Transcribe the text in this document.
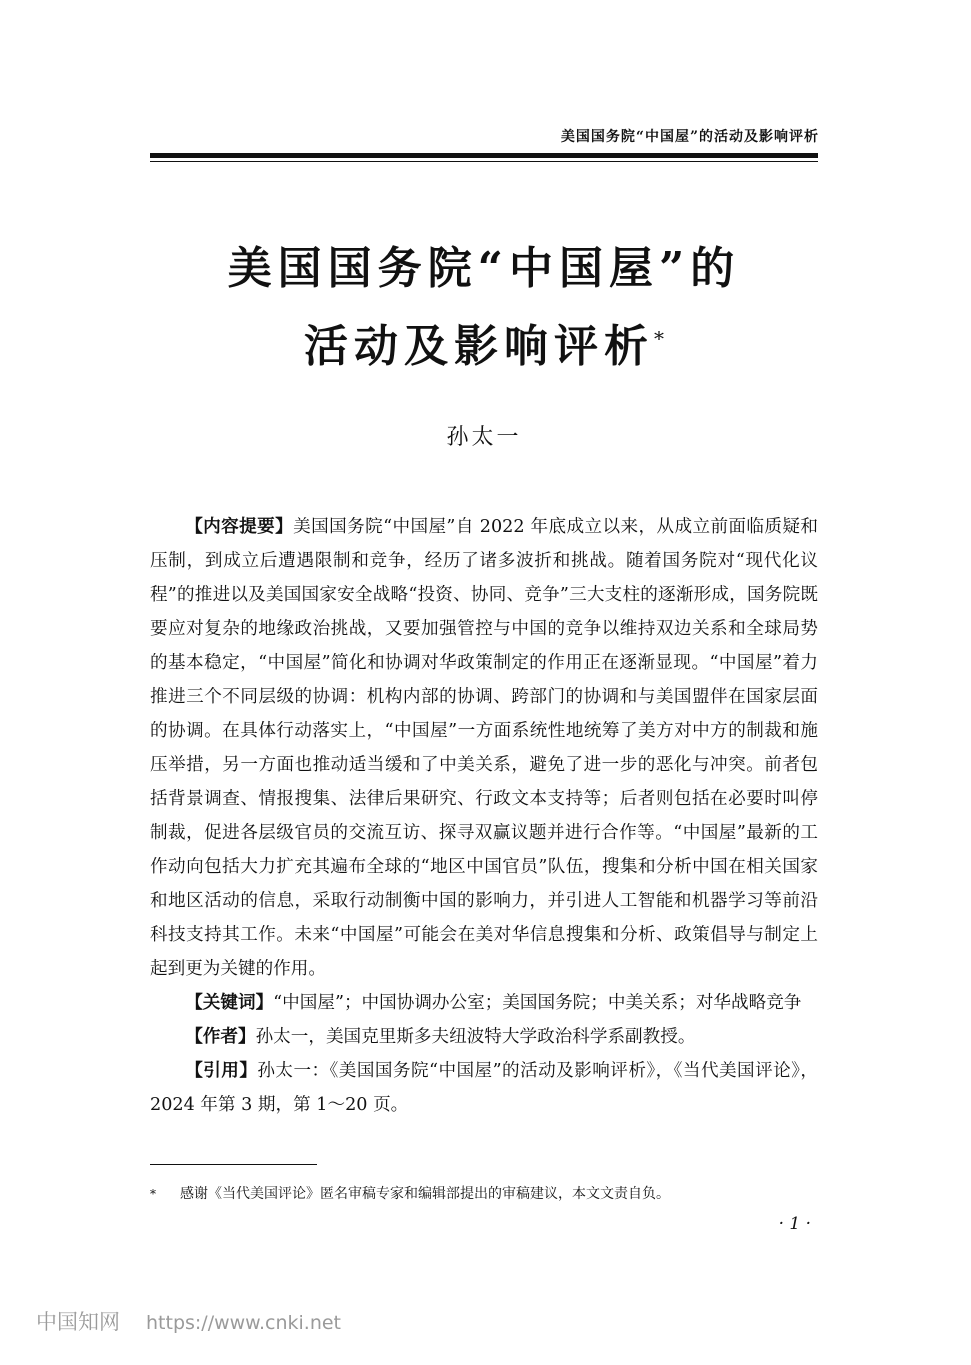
美国国务院“中国屋”的活动及影响评析
美国国务院“中国屋”的
活动及影响评析*
孙太一

【内容提要】美国国务院“中国屋”自 2022 年底成立以来，从成立前面临质疑和压制，到成立后遭遇限制和竞争，经历了诸多波折和挑战。随着国务院对“现代化议程”的推进以及美国国家安全战略“投资、协同、竞争”三大支柱的逐渐形成，国务院既要应对复杂的地缘政治挑战，又要加强管控与中国的竞争以维持双边关系和全球局势的基本稳定，“中国屋”简化和协调对华政策制定的作用正在逐渐显现。“中国屋”着力推进三个不同层级的协调：机构内部的协调、跨部门的协调和与美国盟伴在国家层面的协调。在具体行动落实上，“中国屋”一方面系统性地统筹了美方对中方的制裁和施压举措，另一方面也推动适当缓和了中美关系，避免了进一步的恶化与冲突。前者包括背景调查、情报搜集、法律后果研究、行政文本支持等；后者则包括在必要时叫停制裁，促进各层级官员的交流互访、探寻双赢议题并进行合作等。“中国屋”最新的工作动向包括大力扩充其遍布全球的“地区中国官员”队伍，搜集和分析中国在相关国家和地区活动的信息，采取行动制衡中国的影响力，并引进人工智能和机器学习等前沿科技支持其工作。未来“中国屋”可能会在美对华信息搜集和分析、政策倡导与制定上起到更为关键的作用。

【关键词】“中国屋”；中国协调办公室；美国国务院；中美关系；对华战略竞争

【作者】孙太一，美国克里斯多夫纽波特大学政治科学系副教授。

【引用】孙太一：《美国国务院“中国屋”的活动及影响评析》，《当代美国评论》，2024 年第 3 期，第 1～20 页。

* 感谢《当代美国评论》匿名审稿专家和编辑部提出的审稿建议，本文文责自负。
· 1 ·
中国知网 https://www.cnki.net
